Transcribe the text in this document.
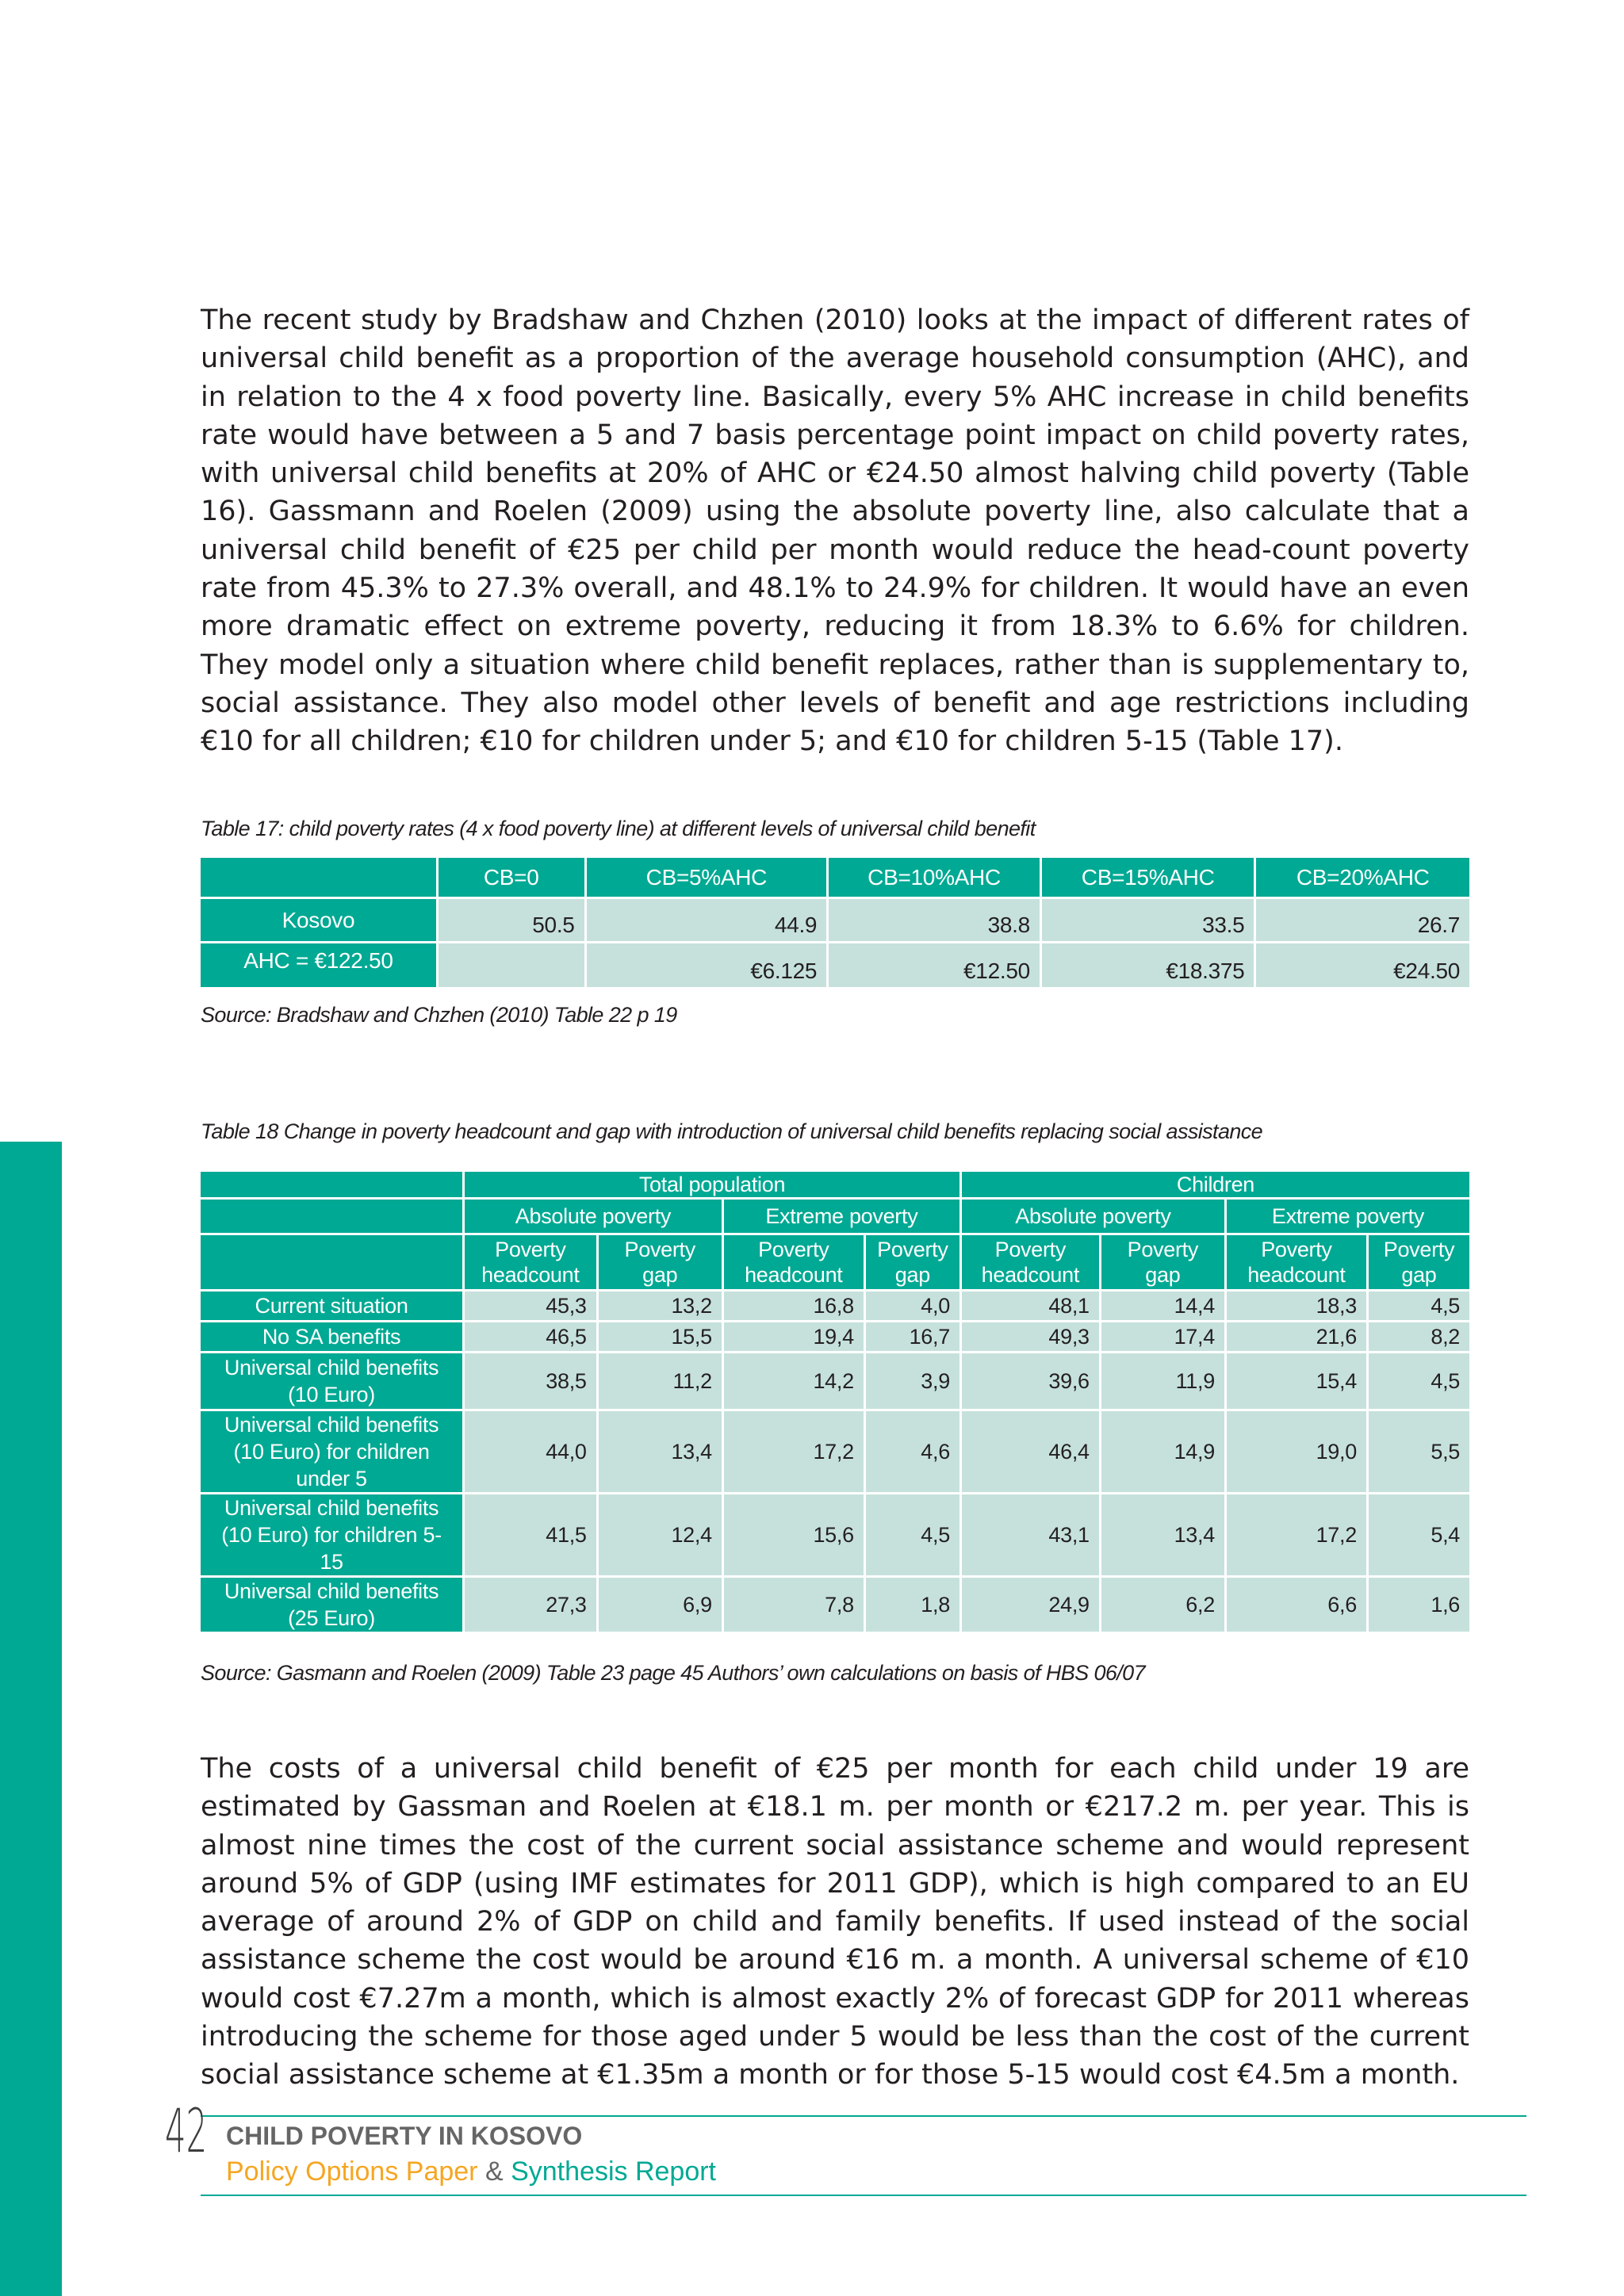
The recent study by Bradshaw and Chzhen (2010) looks at the impact of different rates of universal child benefit as a proportion of the average household consumption (AHC), and in relation to the 4 x food poverty line. Basically, every 5% AHC increase in child benefits rate would have between a 5 and 7 basis percentage point impact on child poverty rates, with universal child benefits at 20% of AHC or €24.50 almost halving child poverty (Table 16). Gassmann and Roelen (2009) using the absolute poverty line, also calculate that a universal child benefit of €25 per child per month would reduce the head-count poverty rate from 45.3% to 27.3% overall, and 48.1% to 24.9% for children. It would have an even more dramatic effect on extreme poverty, reducing it from 18.3% to 6.6% for children. They model only a situation where child benefit replaces, rather than is supplementary to, social assistance. They also model other levels of benefit and age restrictions including €10 for all children; €10 for children under 5; and €10 for children 5-15 (Table 17).

Table 17: child poverty rates (4 x food poverty line) at different levels of universal child benefit

	CB=0	CB=5%AHC	CB=10%AHC	CB=15%AHC	CB=20%AHC
Kosovo	50.5	44.9	38.8	33.5	26.7
AHC = €122.50		€6.125	€12.50	€18.375	€24.50

Source: Bradshaw and Chzhen (2010) Table 22 p 19

Table 18 Change in poverty headcount and gap with introduction of universal child benefits replacing social assistance

	Total population				Children			
	Absolute poverty		Extreme poverty		Absolute poverty		Extreme poverty	
	Poverty headcount	Poverty gap	Poverty headcount	Poverty gap	Poverty headcount	Poverty gap	Poverty headcount	Poverty gap
Current situation	45,3	13,2	16,8	4,0	48,1	14,4	18,3	4,5
No SA benefits	46,5	15,5	19,4	16,7	49,3	17,4	21,6	8,2
Universal child benefits (10 Euro)	38,5	11,2	14,2	3,9	39,6	11,9	15,4	4,5
Universal child benefits (10 Euro) for children under 5	44,0	13,4	17,2	4,6	46,4	14,9	19,0	5,5
Universal child benefits (10 Euro) for children 5-15	41,5	12,4	15,6	4,5	43,1	13,4	17,2	5,4
Universal child benefits (25 Euro)	27,3	6,9	7,8	1,8	24,9	6,2	6,6	1,6

Source: Gasmann and Roelen (2009) Table 23 page 45 Authors’ own calculations on basis of HBS 06/07

The costs of a universal child benefit of €25 per month for each child under 19 are estimated by Gassman and Roelen at €18.1 m. per month or €217.2 m. per year. This is almost nine times the cost of the current social assistance scheme and would represent around 5% of GDP (using IMF estimates for 2011 GDP), which is high compared to an EU average of around 2% of GDP on child and family benefits. If used instead of the social assistance scheme the cost would be around €16 m. a month. A universal scheme of €10 would cost €7.27m a month, which is almost exactly 2% of forecast GDP for 2011 whereas introducing the scheme for those aged under 5 would be less than the cost of the current social assistance scheme at €1.35m a month or for those 5-15 would cost €4.5m a month.

42 CHILD POVERTY IN KOSOVO
Policy Options Paper & Synthesis Report
